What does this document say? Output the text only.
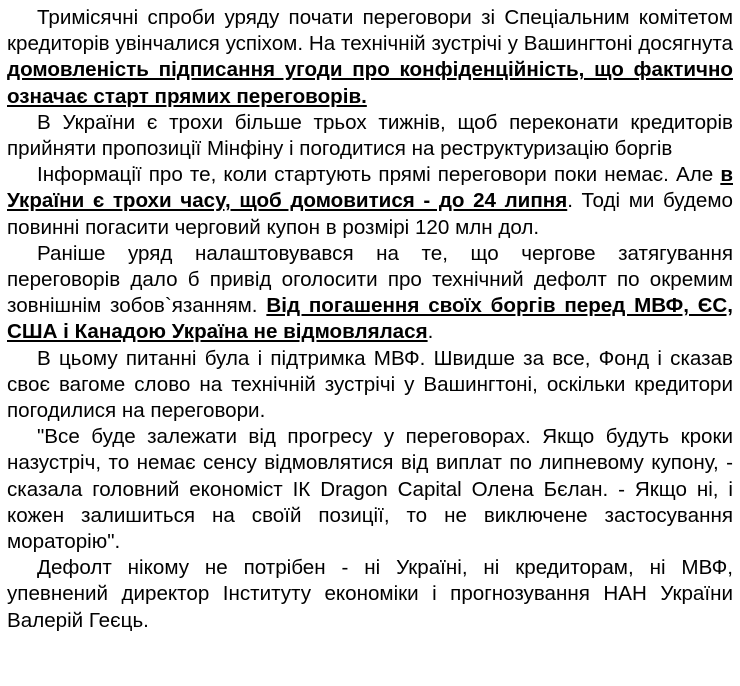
Тримісячні спроби уряду почати переговори зі Спеціальним комітетом кредиторів увінчалися успіхом. На технічній зустрічі у Вашингтоні досягнута домовленість підписання угоди про конфіденційність, що фактично означає старт прямих переговорів.

В України є трохи більше трьох тижнів, щоб переконати кредиторів прийняти пропозиції Мінфіну і погодитися на реструктуризацію боргів

Інформації про те, коли стартують прямі переговори поки немає. Але в України є трохи часу, щоб домовитися - до 24 липня. Тоді ми будемо повинні погасити черговий купон в розмірі 120 млн дол.

Раніше уряд налаштовувався на те, що чергове затягування переговорів дало б привід оголосити про технічний дефолт по окремим зовнішнім зобов`язанням. Від погашення своїх боргів перед МВФ, ЄС, США і Канадою Україна не відмовлялася.

В цьому питанні була і підтримка МВФ. Швидше за все, Фонд і сказав своє вагоме слово на технічній зустрічі у Вашингтоні, оскільки кредитори погодилися на переговори.

"Все буде залежати від прогресу у переговорах. Якщо будуть кроки назустріч, то немає сенсу відмовлятися від виплат по липневому купону, - сказала головний економіст ІК Dragon Capital Олена Бєлан. - Якщо ні, і кожен залишиться на своїй позиції, то не виключене застосування мораторію".

Дефолт нікому не потрібен - ні Україні, ні кредиторам, ні МВФ, упевнений директор Інституту економіки і прогнозування НАН України Валерій Геєць.
